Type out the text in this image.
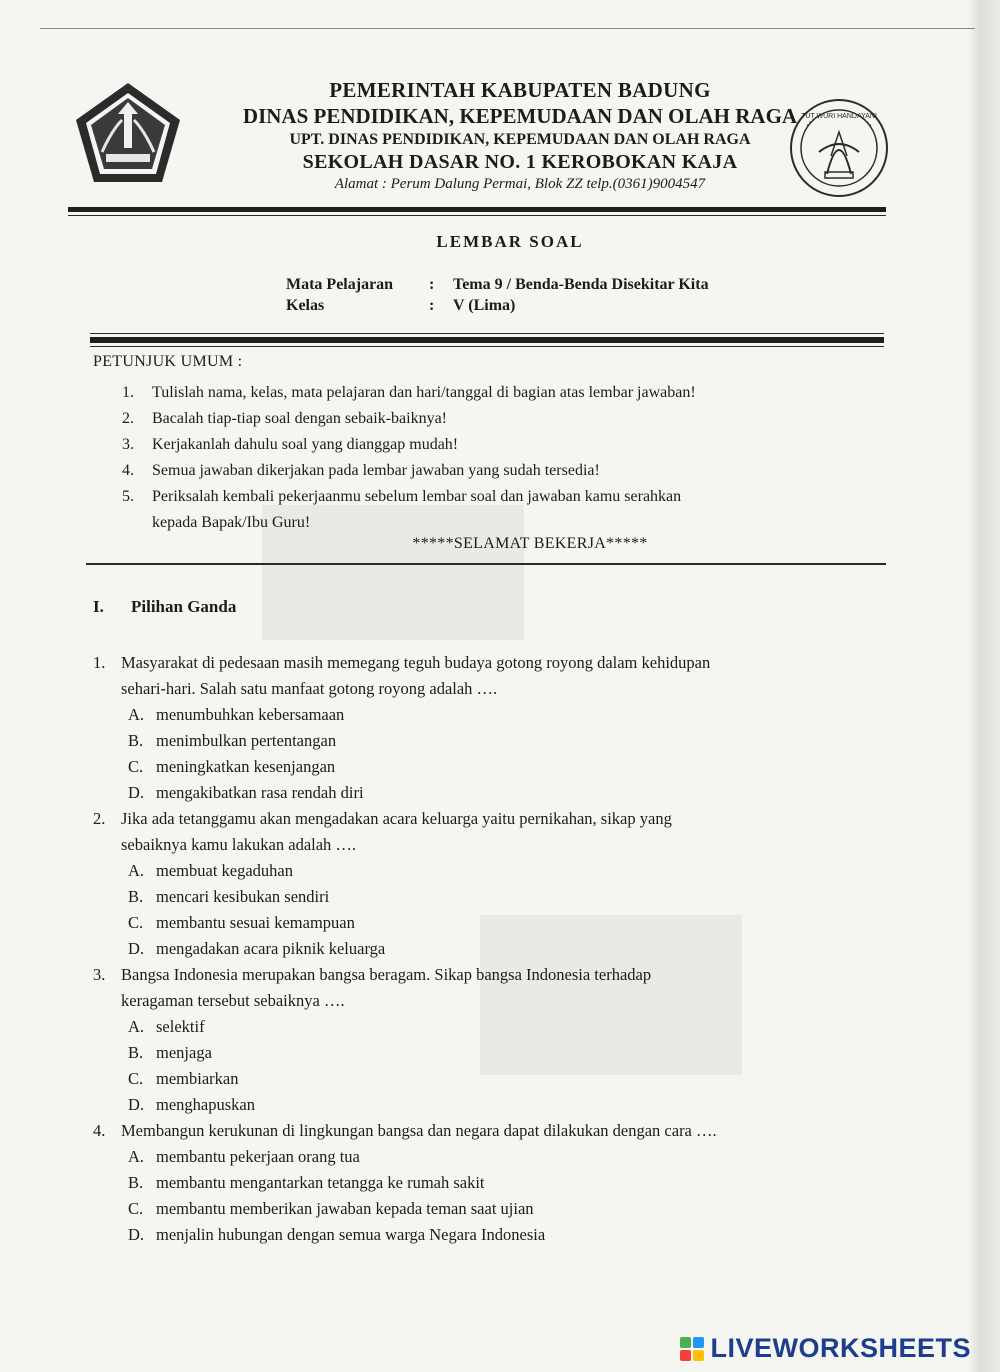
TUT WURI HANDAYANI
PEMERINTAH KABUPATEN BADUNG
DINAS PENDIDIKAN, KEPEMUDAAN DAN OLAH RAGA
UPT. DINAS PENDIDIKAN, KEPEMUDAAN DAN OLAH RAGA
SEKOLAH DASAR NO. 1 KEROBOKAN KAJA
Alamat : Perum Dalung Permai, Blok ZZ telp.(0361)9004547
LEMBAR SOAL
Mata Pelajaran	:	Tema 9 / Benda-Benda Disekitar Kita
Kelas	:	V (Lima)
PETUNJUK UMUM :
1.	Tulislah nama, kelas, mata pelajaran dan hari/tanggal di bagian atas lembar jawaban!
2.	Bacalah tiap-tiap soal dengan sebaik-baiknya!
3.	Kerjakanlah dahulu soal yang dianggap mudah!
4.	Semua jawaban dikerjakan pada lembar jawaban yang sudah tersedia!
5.	Periksalah kembali pekerjaanmu sebelum lembar soal dan jawaban kamu serahkan
kepada Bapak/Ibu Guru!
*****SELAMAT BEKERJA*****
I.	Pilihan Ganda
1. Masyarakat di pedesaan masih memegang teguh budaya gotong royong dalam kehidupan
sehari-hari. Salah satu manfaat gotong royong adalah ….
A. menumbuhkan kebersamaan
B. menimbulkan pertentangan
C. meningkatkan kesenjangan
D. mengakibatkan rasa rendah diri
2. Jika ada tetanggamu akan mengadakan acara keluarga yaitu pernikahan, sikap yang
sebaiknya kamu lakukan adalah ….
A. membuat kegaduhan
B. mencari kesibukan sendiri
C. membantu sesuai kemampuan
D. mengadakan acara piknik keluarga
3. Bangsa Indonesia merupakan bangsa beragam. Sikap bangsa Indonesia terhadap
keragaman tersebut sebaiknya ….
A. selektif
B. menjaga
C. membiarkan
D. menghapuskan
4. Membangun kerukunan di lingkungan bangsa dan negara dapat dilakukan dengan cara ….
A. membantu pekerjaan orang tua
B. membantu mengantarkan tetangga ke rumah sakit
C. membantu memberikan jawaban kepada teman saat ujian
D. menjalin hubungan dengan semua warga Negara Indonesia
LIVEWORKSHEETS
